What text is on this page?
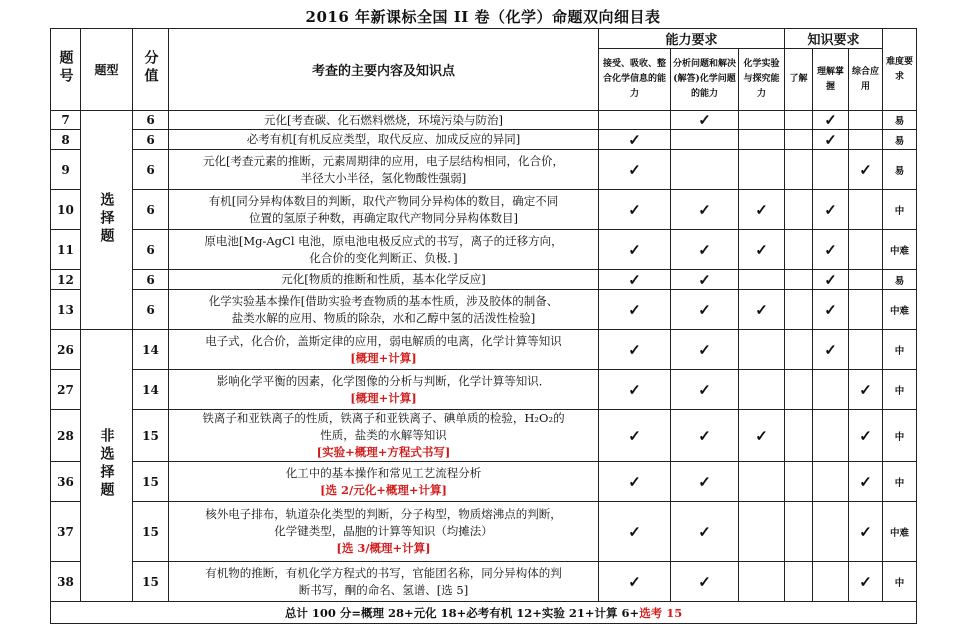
2016 年新课标全国 II 卷（化学）命题双向细目表
题号	题型	分值	考查的主要内容及知识点	能力要求			知识要求			难度要求
				接受、吸收、整合化学信息的能力	分析问题和解决(解答)化学问题的能力	化学实验与探究能力	了解	理解掌握	综合应用	
7	选择题	6	元化[考查碳、化石燃料燃烧，环境污染与防治]		✓			✓		易
8		6	必考有机[有机反应类型，取代反应、加成反应的异同]	✓				✓		易
9		6	元化[考查元素的推断，元素周期律的应用，电子层结构相同，化合价，
半径大小半径，氢化物酸性强弱]	✓					✓	易
10		6	有机[同分异构体数目的判断，取代产物同分异构体的数目，确定不同
位置的氢原子种数，再确定取代产物同分异构体数目]	✓	✓	✓		✓		中
11		6	原电池[Mg-AgCl 电池，原电池电极反应式的书写，离子的迁移方向，
化合价的变化判断正、负极．]	✓	✓	✓		✓		中难
12		6	元化[物质的推断和性质，基本化学反应]	✓	✓			✓		易
13		6	化学实验基本操作[借助实验考查物质的基本性质，涉及胶体的制备、
盐类水解的应用、物质的除杂，水和乙醇中氢的活泼性检验]	✓	✓	✓		✓		中难
26	非选择题	14	电子式，化合价，盖斯定律的应用，弱电解质的电离，化学计算等知识
[概理+计算]	✓	✓			✓		中
27		14	影响化学平衡的因素，化学图像的分析与判断，化学计算等知识．
[概理+计算]	✓	✓				✓	中
28		15	铁离子和亚铁离子的性质，铁离子和亚铁离子、碘单质的检验，H₂O₂的
性质，盐类的水解等知识
[实验+概理+方程式书写]	✓	✓	✓			✓	中
36		15	化工中的基本操作和常见工艺流程分析
[选 2/元化+概理+计算]	✓	✓				✓	中
37		15	核外电子排布，轨道杂化类型的判断，分子构型，物质熔沸点的判断，
化学键类型，晶胞的计算等知识（均摊法）
[选 3/概理+计算]	✓	✓				✓	中难
38		15	有机物的推断，有机化学方程式的书写，官能团名称，同分异构体的判
断书写，酮的命名、氢谱、[选 5]	✓	✓				✓	中
总计 100 分=概理 28+元化 18+必考有机 12+实验 21+计算 6+选考 15										
